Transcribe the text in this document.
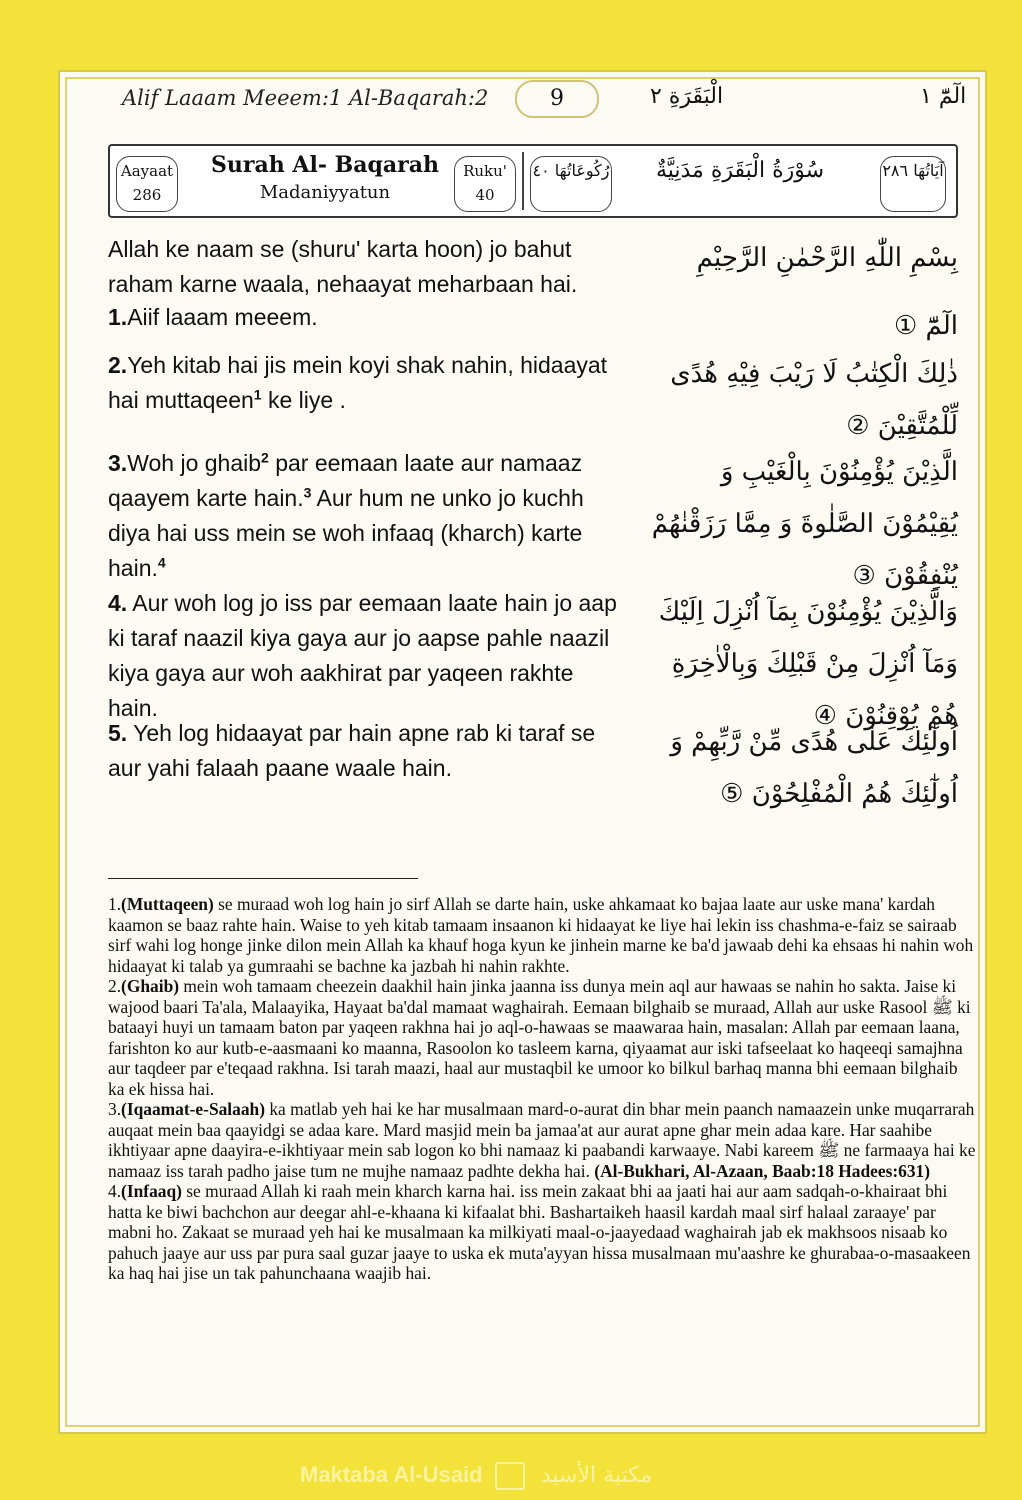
Alif Laaam Meeem:1 Al-Baqarah:2	9	الْبَقَرَةِ ٢	الٓمّٓ ١
Aayaat
286
Surah Al- Baqarah
Madaniyyatun
Ruku'
40
رُكُوعَاتُهَا ٤٠	سُوْرَةُ الْبَقَرَةِ مَدَنِيَّةٌ	آيَاتُهَا ٢٨٦
Allah ke naam se (shuru' karta hoon) jo bahut raham karne waala, nehaayat meharbaan hai.
بِسْمِ اللّٰهِ الرَّحْمٰنِ الرَّحِيْمِ
1.Aiif laaam meeem.	الٓمّٓ ①
2.Yeh kitab hai jis mein koyi shak nahin, hidaayat hai muttaqeen$^1$ ke liye .
ذٰلِكَ الْكِتٰبُ لَا رَيْبَ فِيْهِ هُدًى لِّلْمُتَّقِيْنَ ②
3.Woh jo ghaib$^2$ par eemaan laate aur namaaz qaayem karte hain.$^3$ Aur hum ne unko jo kuchh diya hai uss mein se woh infaaq (kharch) karte hain.$^4$
الَّذِيْنَ يُؤْمِنُوْنَ بِالْغَيْبِ وَ يُقِيْمُوْنَ الصَّلٰوةَ وَ مِمَّا رَزَقْنٰهُمْ يُنْفِقُوْنَ ③
4. Aur woh log jo iss par eemaan laate hain jo aap ki taraf naazil kiya gaya aur jo aapse pahle naazil kiya gaya aur woh aakhirat par yaqeen rakhte hain.
وَالَّذِيْنَ يُؤْمِنُوْنَ بِمَآ اُنْزِلَ اِلَيْكَ وَمَآ اُنْزِلَ مِنْ قَبْلِكَ وَبِالْاٰخِرَةِ هُمْ يُوْقِنُوْنَ ④
5. Yeh log hidaayat par hain apne rab ki taraf se aur yahi falaah paane waale hain.
اُولٰٓئِكَ عَلٰى هُدًى مِّنْ رَّبِّهِمْ وَ اُولٰٓئِكَ هُمُ الْمُفْلِحُوْنَ ⑤

1.(Muttaqeen) se muraad woh log hain jo sirf Allah se darte hain, uske ahkamaat ko bajaa laate aur uske mana' kardah kaamon se baaz rahte hain. Waise to yeh kitab tamaam insaanon ki hidaayat ke liye hai lekin iss chashma-e-faiz se sairaab sirf wahi log honge jinke dilon mein Allah ka khauf hoga kyun ke jinhein marne ke ba'd jawaab dehi ka ehsaas hi nahin woh hidaayat ki talab ya gumraahi se bachne ka jazbah hi nahin rakhte.

2.(Ghaib) mein woh tamaam cheezein daakhil hain jinka jaanna iss dunya mein aql aur hawaas se nahin ho sakta. Jaise ki wajood baari Ta'ala, Malaayika, Hayaat ba'dal mamaat waghairah. Eemaan bilghaib se muraad, Allah aur uske Rasool ﷺ ki bataayi huyi un tamaam baton par yaqeen rakhna hai jo aql-o-hawaas se maawaraa hain, masalan: Allah par eemaan laana, farishton ko aur kutb-e-aasmaani ko maanna, Rasoolon ko tasleem karna, qiyaamat aur iski tafseelaat ko haqeeqi samajhna aur taqdeer par e'teqaad rakhna. Isi tarah maazi, haal aur mustaqbil ke umoor ko bilkul barhaq manna bhi eemaan bilghaib ka ek hissa hai.

3.(Iqaamat-e-Salaah) ka matlab yeh hai ke har musalmaan mard-o-aurat din bhar mein paanch namaazein unke muqarrarah auqaat mein baa qaayidgi se adaa kare. Mard masjid mein ba jamaa'at aur aurat apne ghar mein adaa kare. Har saahibe ikhtiyaar apne daayira-e-ikhtiyaar mein sab logon ko bhi namaaz ki paabandi karwaaye. Nabi kareem ﷺ ne farmaaya hai ke namaaz iss tarah padho jaise tum ne mujhe namaaz padhte dekha hai. (Al-Bukhari, Al-Azaan, Baab:18 Hadees:631)

4.(Infaaq) se muraad Allah ki raah mein kharch karna hai. iss mein zakaat bhi aa jaati hai aur aam sadqah-o-khairaat bhi hatta ke biwi bachchon aur deegar ahl-e-khaana ki kifaalat bhi. Bashartaikeh haasil kardah maal sirf halaal zaraaye' par mabni ho. Zakaat se muraad yeh hai ke musalmaan ka milkiyati maal-o-jaayedaad waghairah jab ek makhsoos nisaab ko pahuch jaaye aur uss par pura saal guzar jaaye to uska ek muta'ayyan hissa musalmaan mu'aashre ke ghurabaa-o-masaakeen ka haq hai jise un tak pahunchaana waajib hai.

Maktaba Al-Usaid	مكتبة الأسيد
